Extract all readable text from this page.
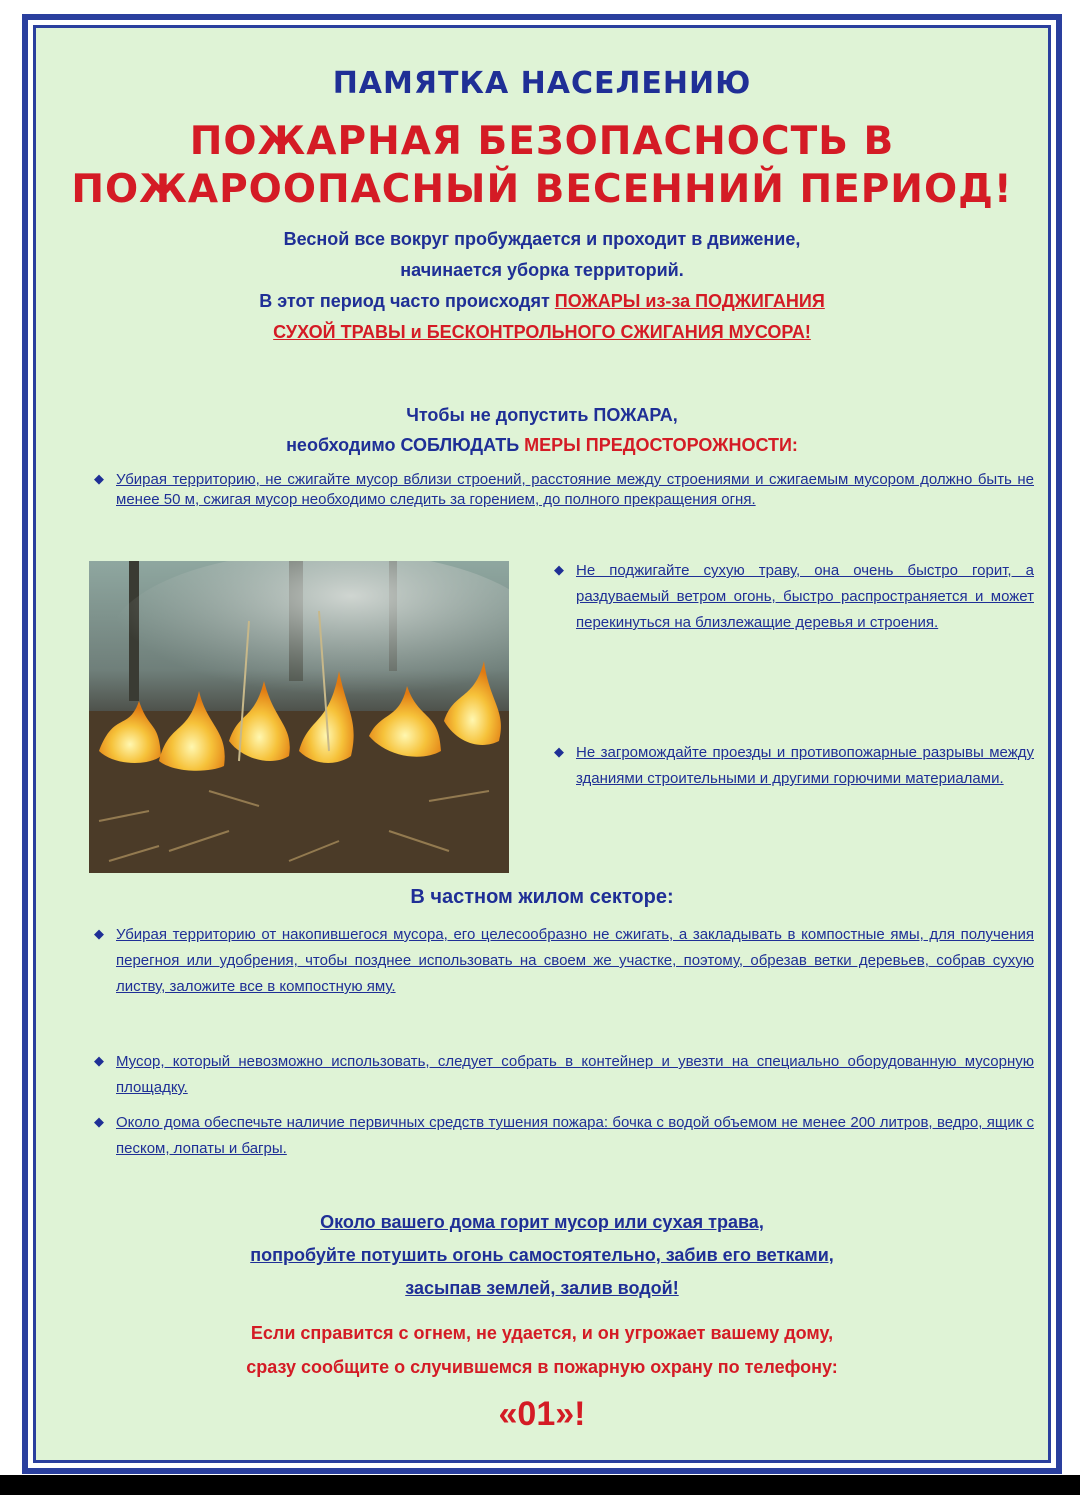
ПАМЯТКА НАСЕЛЕНИЮ
ПОЖАРНАЯ БЕЗОПАСНОСТЬ В
ПОЖАРООПАСНЫЙ ВЕСЕННИЙ ПЕРИОД!
Весной все вокруг пробуждается и проходит в движение,
начинается уборка территорий.
В этот период часто происходят ПОЖАРЫ из-за ПОДЖИГАНИЯ
СУХОЙ ТРАВЫ и БЕСКОНТРОЛЬНОГО СЖИГАНИЯ МУСОРА!
Чтобы не допустить ПОЖАРА,
необходимо СОБЛЮДАТЬ МЕРЫ ПРЕДОСТОРОЖНОСТИ:
◆ Убирая территорию, не сжигайте мусор вблизи строений, расстояние между строениями и сжигаемым мусором должно быть не менее 50 м, сжигая мусор необходимо следить за горением, до полного прекращения огня.
◆ Не поджигайте сухую траву, она очень быстро горит, а раздуваемый ветром огонь, быстро распространяется и может перекинуться на близлежащие деревья и строения.
◆ Не загромождайте проезды и противопожарные разрывы между зданиями строительными и другими горючими материалами.
В частном жилом секторе:
◆ Убирая территорию от накопившегося мусора, его целесообразно не сжигать, а закладывать в компостные ямы, для получения перегноя или удобрения, чтобы позднее использовать на своем же участке, поэтому, обрезав ветки деревьев, собрав сухую листву, заложите все в компостную яму.
◆ Мусор, который невозможно использовать, следует собрать в контейнер и увезти на специально оборудованную мусорную площадку.
◆ Около дома обеспечьте наличие первичных средств тушения пожара: бочка с водой объемом не менее 200 литров, ведро, ящик с песком, лопаты и багры.
Около вашего дома горит мусор или сухая трава,
попробуйте потушить огонь самостоятельно, забив его ветками,
засыпав землей, залив водой!
Если справится с огнем, не удается, и он угрожает вашему дому,
сразу сообщите о случившемся в пожарную охрану по телефону:
«01»!
